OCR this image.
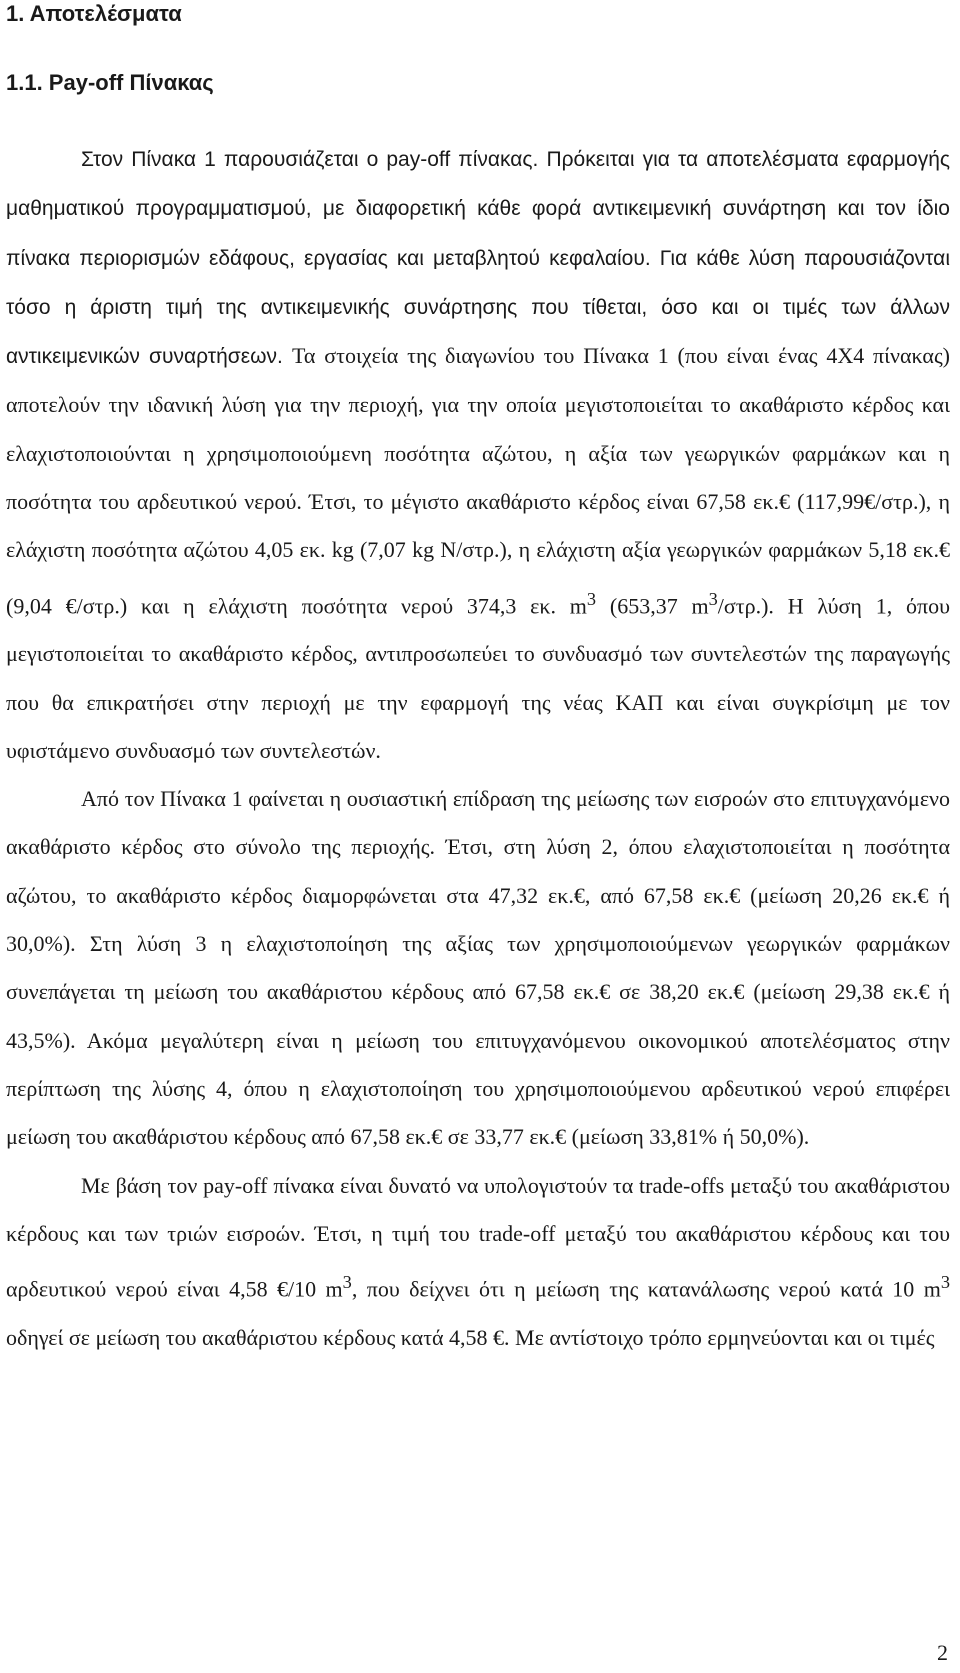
1. Αποτελέσματα
1.1. Pay-off Πίνακας

Στον Πίνακα 1 παρουσιάζεται ο pay-off πίνακας. Πρόκειται για τα αποτελέσματα εφαρμογής μαθηματικού προγραμματισμού, με διαφορετική κάθε φορά αντικειμενική συνάρτηση και τον ίδιο πίνακα περιορισμών εδάφους, εργασίας και μεταβλητού κεφαλαίου. Για κάθε λύση παρουσιάζονται τόσο η άριστη τιμή της αντικειμενικής συνάρτησης που τίθεται, όσο και οι τιμές των άλλων αντικειμενικών συναρτήσεων. Τα στοιχεία της διαγωνίου του Πίνακα 1 (που είναι ένας 4Χ4 πίνακας) αποτελούν την ιδανική λύση για την περιοχή, για την οποία μεγιστοποιείται το ακαθάριστο κέρδος και ελαχιστοποιούνται η χρησιμοποιούμενη ποσότητα αζώτου, η αξία των γεωργικών φαρμάκων και η ποσότητα του αρδευτικού νερού. Έτσι, το μέγιστο ακαθάριστο κέρδος είναι 67,58 εκ.€ (117,99€/στρ.), η ελάχιστη ποσότητα αζώτου 4,05 εκ. kg (7,07 kg N/στρ.), η ελάχιστη αξία γεωργικών φαρμάκων 5,18 εκ.€ (9,04 €/στρ.) και η ελάχιστη ποσότητα νερού 374,3 εκ. $m^3$ (653,37 $m^3/\sigma\tau\rho$.). Η λύση 1, όπου μεγιστοποιείται το ακαθάριστο κέρδος, αντιπροσωπεύει το συνδυασμό των συντελεστών της παραγωγής που θα επικρατήσει στην περιοχή με την εφαρμογή της νέας ΚΑΠ και είναι συγκρίσιμη με τον υφιστάμενο συνδυασμό των συντελεστών.

Από τον Πίνακα 1 φαίνεται η ουσιαστική επίδραση της μείωσης των εισροών στο επιτυγχανόμενο ακαθάριστο κέρδος στο σύνολο της περιοχής. Έτσι, στη λύση 2, όπου ελαχιστοποιείται η ποσότητα αζώτου, το ακαθάριστο κέρδος διαμορφώνεται στα 47,32 εκ.€, από 67,58 εκ.€ (μείωση 20,26 εκ.€ ή 30,0%). Στη λύση 3 η ελαχιστοποίηση της αξίας των χρησιμοποιούμενων γεωργικών φαρμάκων συνεπάγεται τη μείωση του ακαθάριστου κέρδους από 67,58 εκ.€ σε 38,20 εκ.€ (μείωση 29,38 εκ.€ ή 43,5%). Ακόμα μεγαλύτερη είναι η μείωση του επιτυγχανόμενου οικονομικού αποτελέσματος στην περίπτωση της λύσης 4, όπου η ελαχιστοποίηση του χρησιμοποιούμενου αρδευτικού νερού επιφέρει μείωση του ακαθάριστου κέρδους από 67,58 εκ.€ σε 33,77 εκ.€ (μείωση 33,81% ή 50,0%).

Με βάση τον pay-off πίνακα είναι δυνατό να υπολογιστούν τα trade-offs μεταξύ του ακαθάριστου κέρδους και των τριών εισροών. Έτσι, η τιμή του trade-off μεταξύ του ακαθάριστου κέρδους και του αρδευτικού νερού είναι 4,58 €/10 $m^3$, που δείχνει ότι η μείωση της κατανάλωσης νερού κατά 10 $m^3$ οδηγεί σε μείωση του ακαθάριστου κέρδους κατά 4,58 €. Με αντίστοιχο τρόπο ερμηνεύονται και οι τιμές

2
